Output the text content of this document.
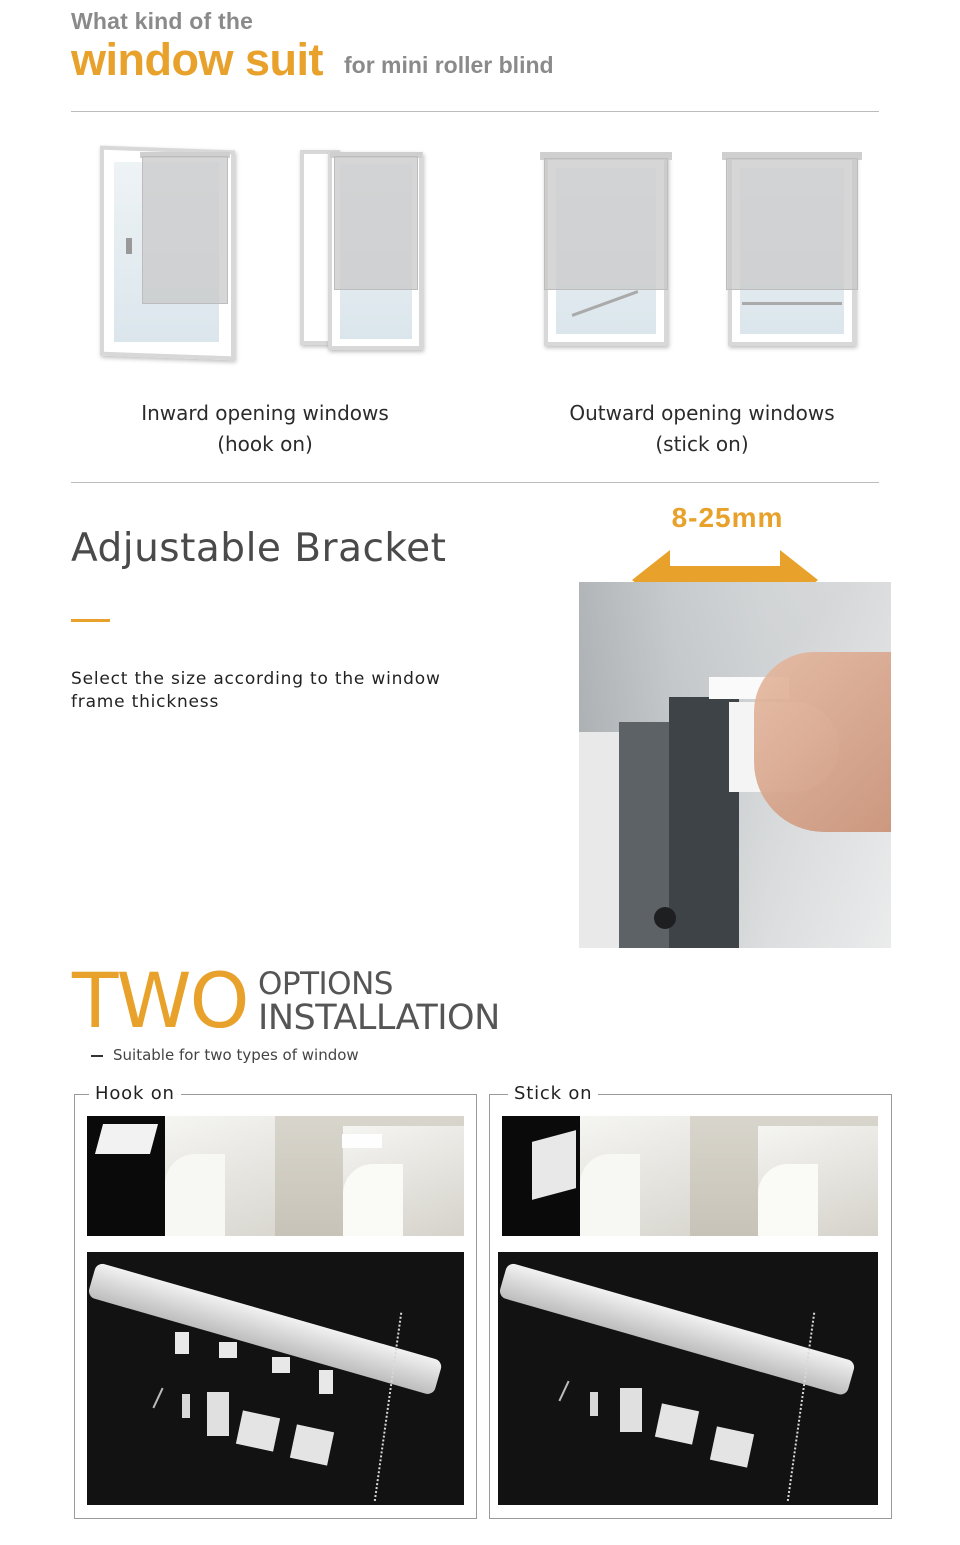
What kind of the
window suit for mini roller blind
Inward opening windows
(hook on)
Outward opening windows
(stick on)
Adjustable Bracket
Select the size according to the window frame thickness
8-25mm
TWO OPTIONS
INSTALLATION
Suitable for two types of window
Hook on	Stick on
